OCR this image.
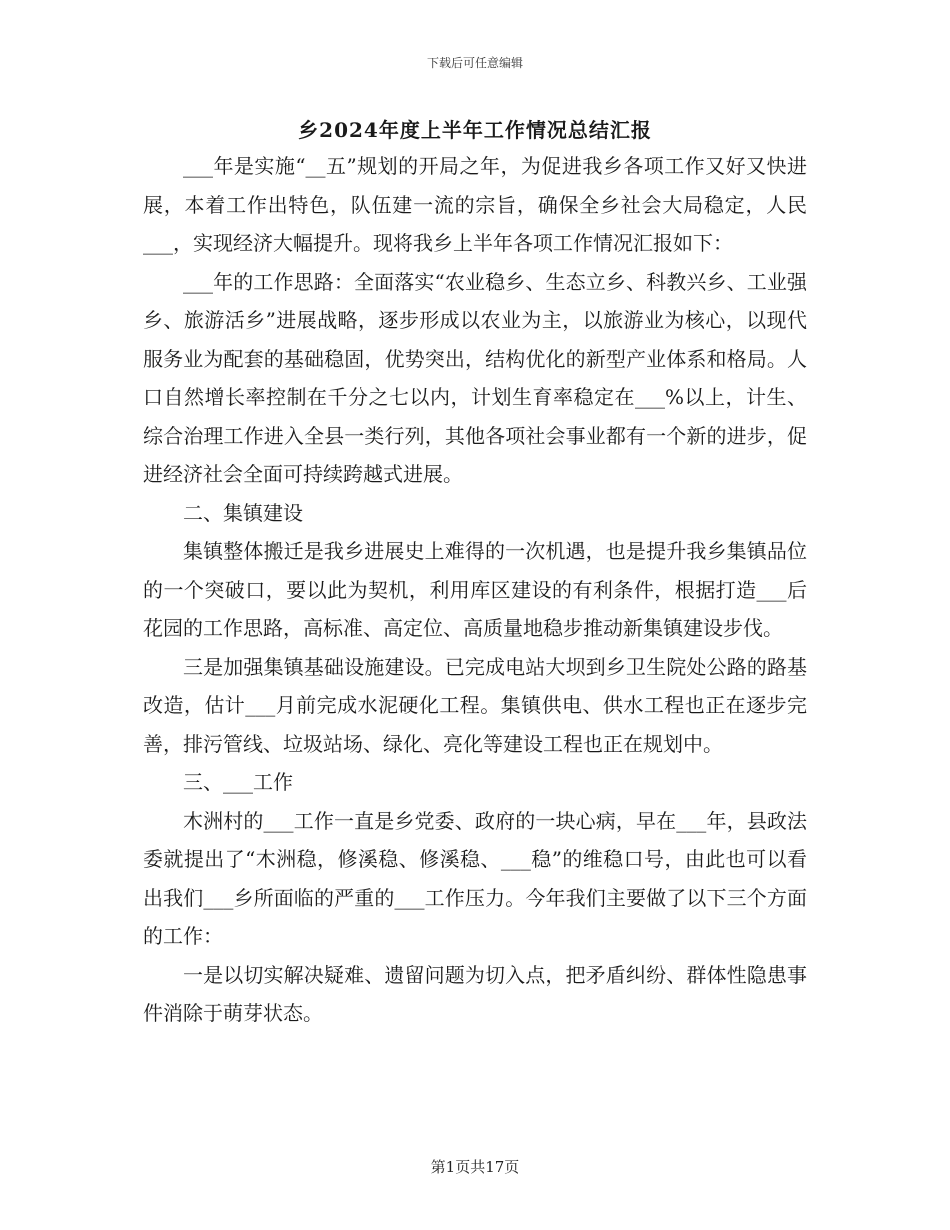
下载后可任意编辑
乡2024年度上半年工作情况总结汇报

___年是实施“__五”规划的开局之年，为促进我乡各项工作又好又快进展，本着工作出特色，队伍建一流的宗旨，确保全乡社会大局稳定，人民___，实现经济大幅提升。现将我乡上半年各项工作情况汇报如下：

___年的工作思路：全面落实“农业稳乡、生态立乡、科教兴乡、工业强乡、旅游活乡”进展战略，逐步形成以农业为主，以旅游业为核心，以现代服务业为配套的基础稳固，优势突出，结构优化的新型产业体系和格局。人口自然增长率控制在千分之七以内，计划生育率稳定在___%以上，计生、综合治理工作进入全县一类行列，其他各项社会事业都有一个新的进步，促进经济社会全面可持续跨越式进展。

二、集镇建设

集镇整体搬迁是我乡进展史上难得的一次机遇，也是提升我乡集镇品位的一个突破口，要以此为契机，利用库区建设的有利条件，根据打造___后花园的工作思路，高标准、高定位、高质量地稳步推动新集镇建设步伐。

三是加强集镇基础设施建设。已完成电站大坝到乡卫生院处公路的路基改造，估计___月前完成水泥硬化工程。集镇供电、供水工程也正在逐步完善，排污管线、垃圾站场、绿化、亮化等建设工程也正在规划中。

三、___工作

木洲村的___工作一直是乡党委、政府的一块心病，早在___年，县政法委就提出了“木洲稳，修溪稳、修溪稳、___稳”的维稳口号，由此也可以看出我们___乡所面临的严重的___工作压力。今年我们主要做了以下三个方面的工作：

一是以切实解决疑难、遗留问题为切入点，把矛盾纠纷、群体性隐患事件消除于萌芽状态。

第1页共17页
